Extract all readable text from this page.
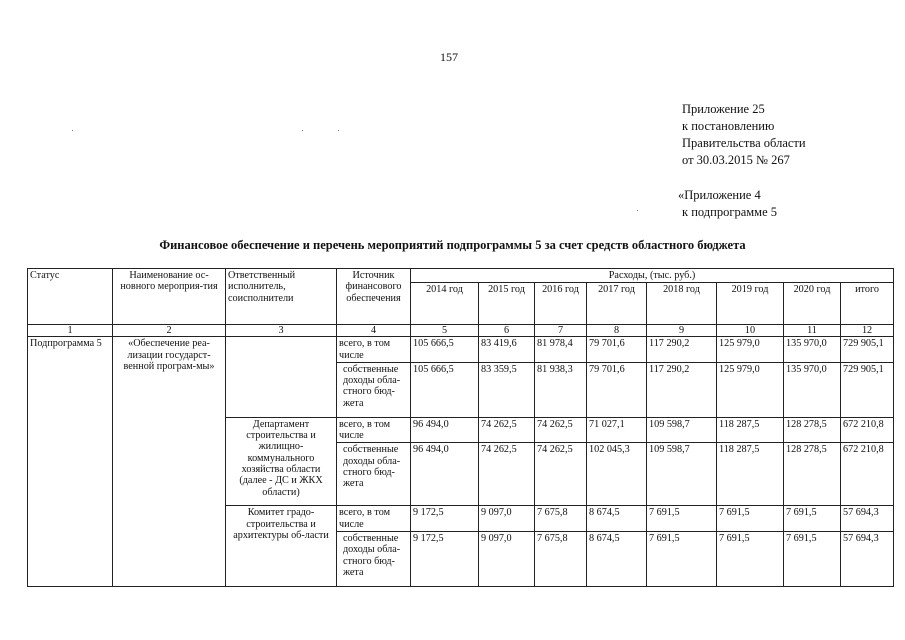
157
Приложение 25
к постановлению
Правительства области
от 30.03.2015 № 267
«Приложение 4
к подпрограмме 5
Финансовое обеспечение и перечень мероприятий подпрограммы 5 за счет средств областного бюджета
Статус	Наименование ос-новного мероприя-тия	Ответственный исполнитель, соисполнители	Источник финансового обеспечения	Расходы, (тыс. руб.)							
				2014 год	2015 год	2016 год	2017 год	2018 год	2019 год	2020 год	итого
1	2	3	4	5	6	7	8	9	10	11	12
Подпрограмма 5	«Обеспечение реа-лизации государст-венной програм-мы»		всего, в том числе	105 666,5	83 419,6	81 978,4	79 701,6	117 290,2	125 979,0	135 970,0	729 905,1
			собственные доходы обла-стного бюд-жета	105 666,5	83 359,5	81 938,3	79 701,6	117 290,2	125 979,0	135 970,0	729 905,1
		Департамент строительства и жилищно-коммунального хозяйства области (далее - ДС и ЖКХ области)	всего, в том числе	96 494,0	74 262,5	74 262,5	71 027,1	109 598,7	118 287,5	128 278,5	672 210,8
			собственные доходы обла-стного бюд-жета	96 494,0	74 262,5	74 262,5	102 045,3	109 598,7	118 287,5	128 278,5	672 210,8
		Комитет градо-строительства и архитектуры об-ласти	всего, в том числе	9 172,5	9 097,0	7 675,8	8 674,5	7 691,5	7 691,5	7 691,5	57 694,3
			собственные доходы обла-стного бюд-жета	9 172,5	9 097,0	7 675,8	8 674,5	7 691,5	7 691,5	7 691,5	57 694,3
